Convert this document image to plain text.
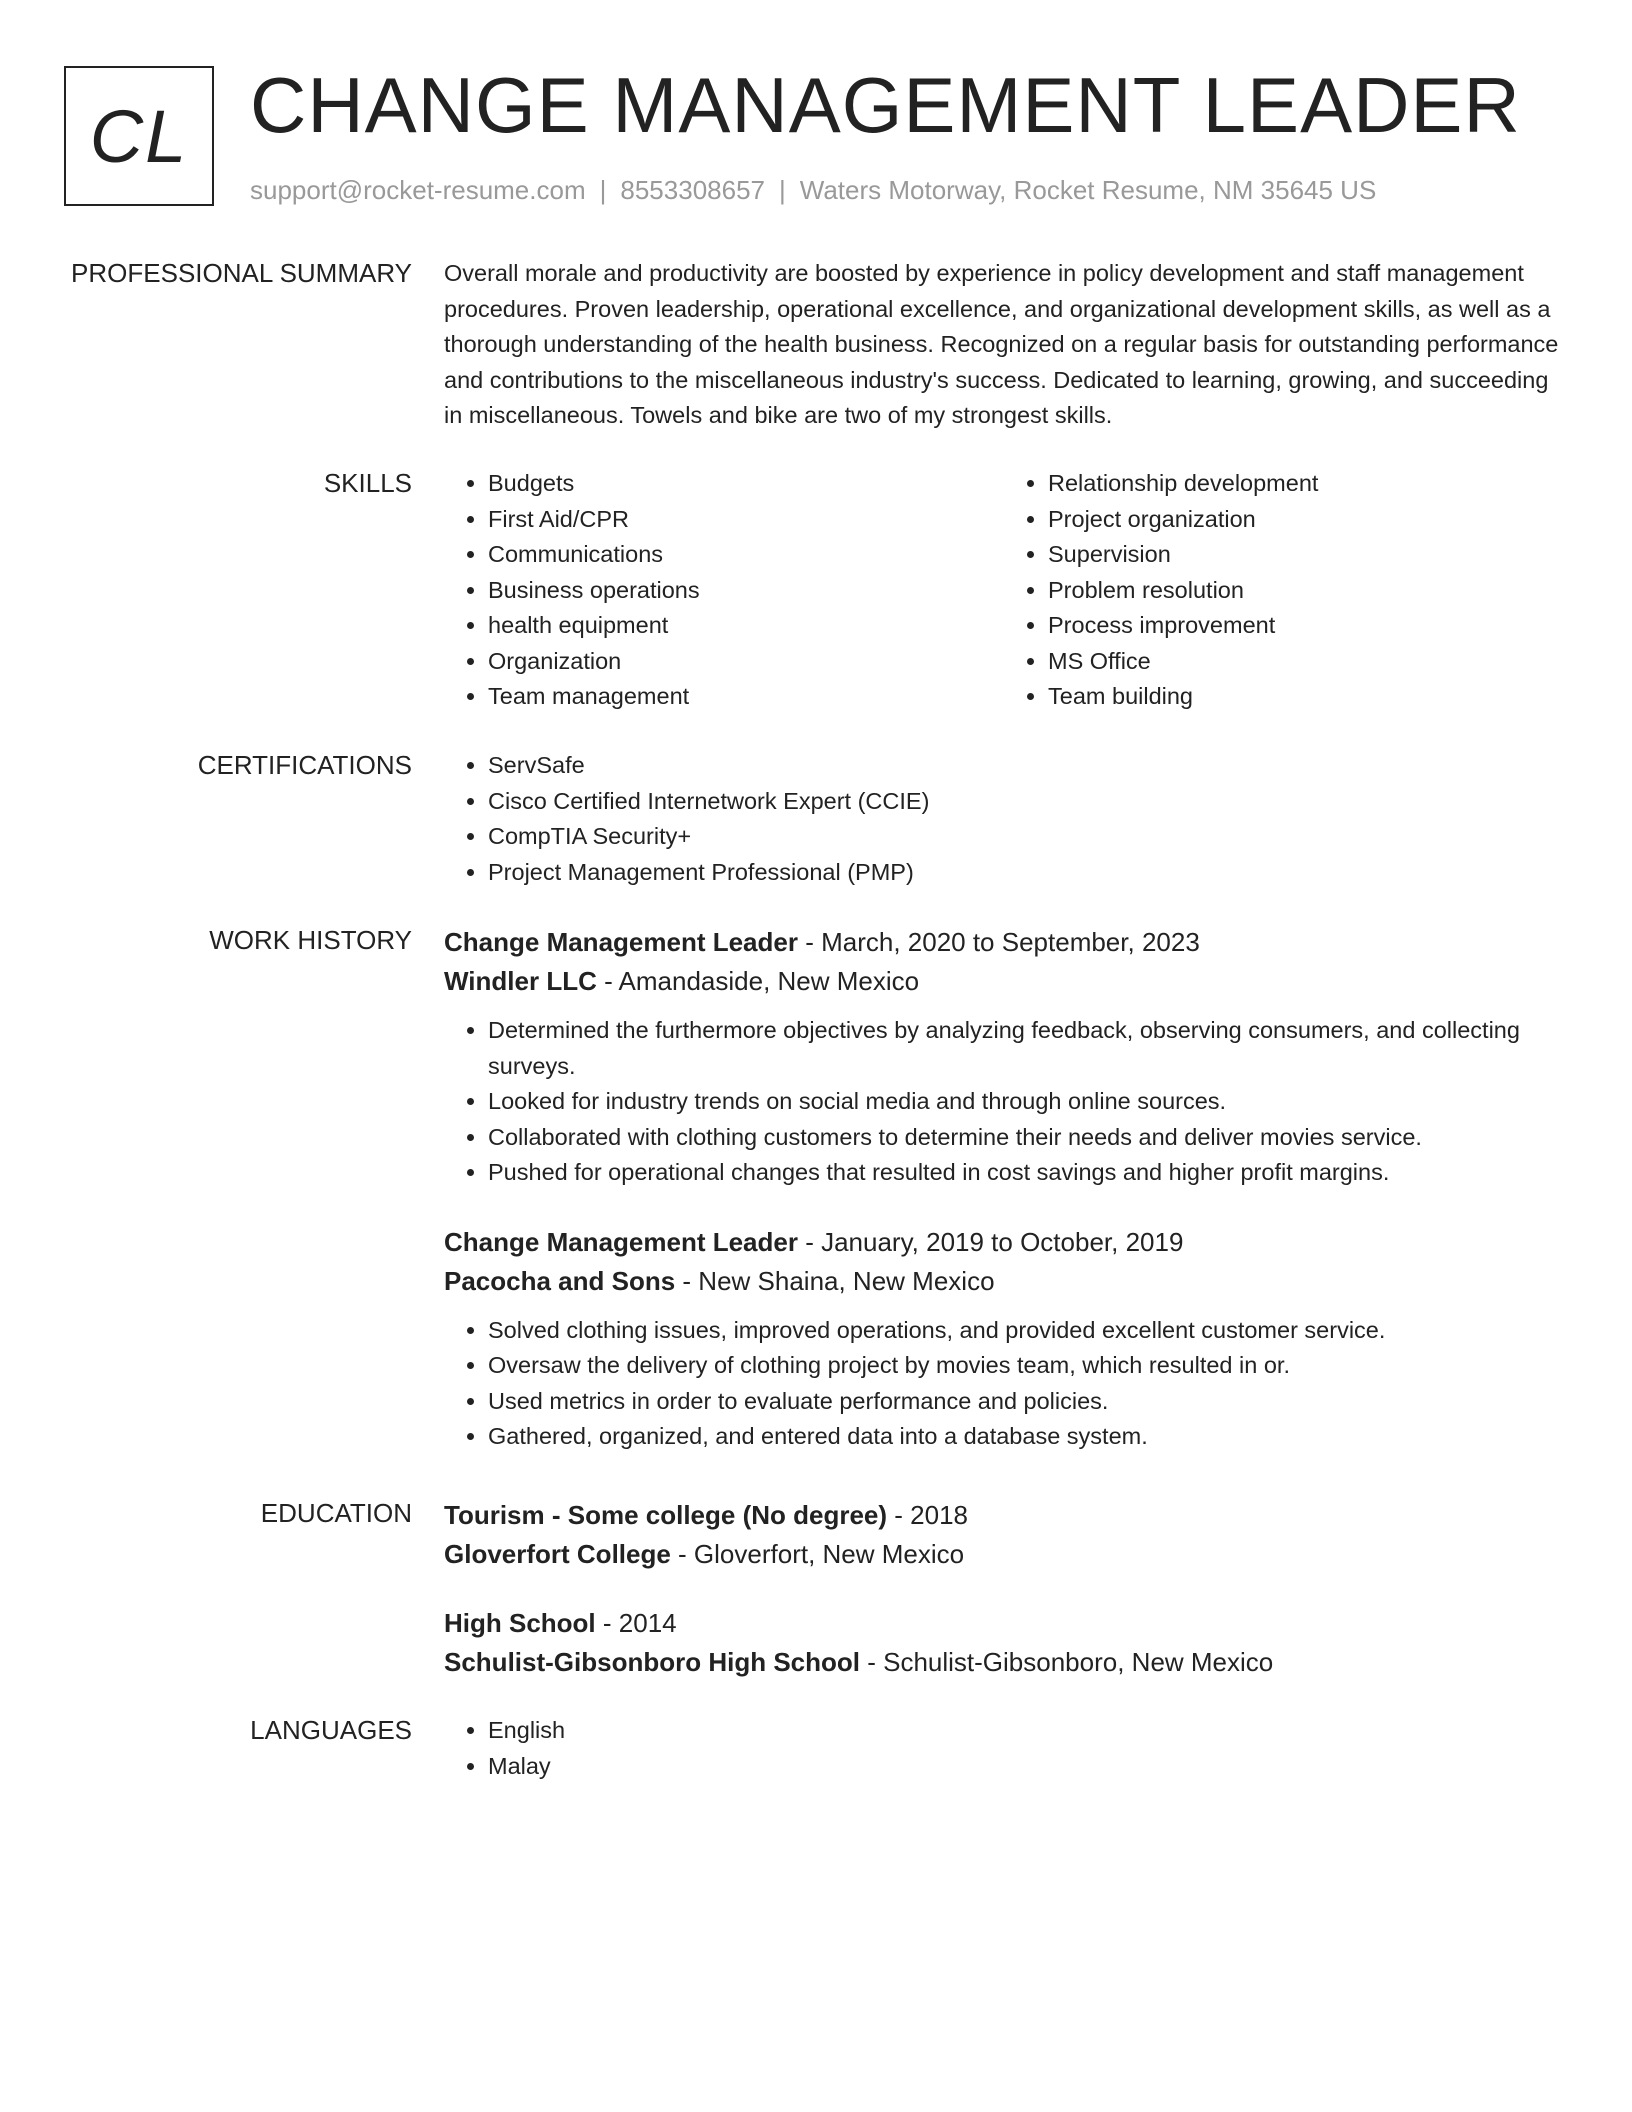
CL CHANGE MANAGEMENT LEADER
support@rocket-resume.com | 8553308657 | Waters Motorway, Rocket Resume, NM 35645 US
PROFESSIONAL SUMMARY Overall morale and productivity are boosted by experience in policy development and staff management procedures. Proven leadership, operational excellence, and organizational development skills, as well as a thorough understanding of the health business. Recognized on a regular basis for outstanding performance and contributions to the miscellaneous industry's success. Dedicated to learning, growing, and succeeding in miscellaneous. Towels and bike are two of my strongest skills.

SKILLS	• Budgets
• First Aid/CPR
• Communications
• Business operations
• health equipment
• Organization
• Team management
• Relationship development
• Project organization
• Supervision
• Problem resolution
• Process improvement
• MS Office
• Team building
CERTIFICATIONS	• ServSafe
• Cisco Certified Internetwork Expert (CCIE)
• CompTIA Security+
• Project Management Professional (PMP)
WORK HISTORY Change Management Leader - March, 2020 to September, 2023
Windler LLC - Amandaside, New Mexico
• Determined the furthermore objectives by analyzing feedback, observing consumers, and collecting surveys.
• Looked for industry trends on social media and through online sources.
• Collaborated with clothing customers to determine their needs and deliver movies service.
• Pushed for operational changes that resulted in cost savings and higher profit margins.
Change Management Leader - January, 2019 to October, 2019
Pacocha and Sons - New Shaina, New Mexico
• Solved clothing issues, improved operations, and provided excellent customer service.
• Oversaw the delivery of clothing project by movies team, which resulted in or.
• Used metrics in order to evaluate performance and policies.
• Gathered, organized, and entered data into a database system.
EDUCATION Tourism - Some college (No degree) - 2018
Gloverfort College - Gloverfort, New Mexico
High School - 2014
Schulist-Gibsonboro High School - Schulist-Gibsonboro, New Mexico
LANGUAGES	• English
• Malay
